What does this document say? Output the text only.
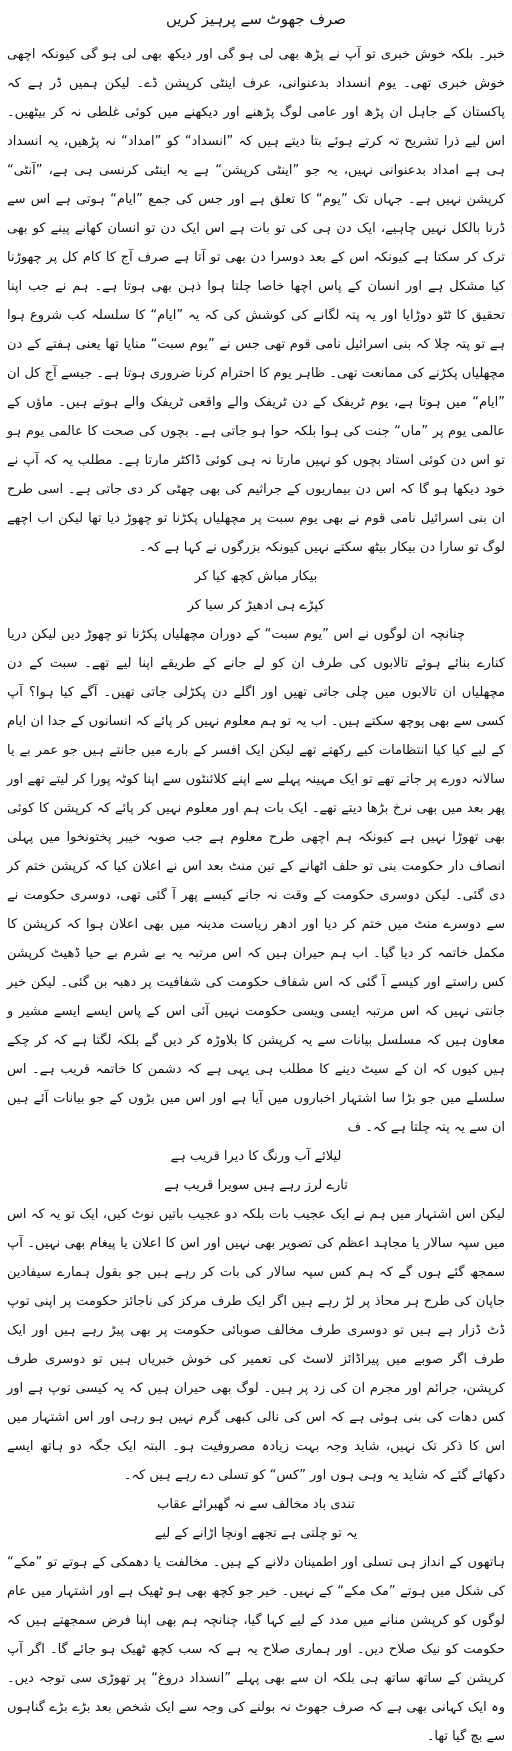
صرف جھوٹ سے پرہیز کریں

خبر۔ بلکہ خوش خبری تو آپ نے پڑھ بھی لی ہو گی اور دیکھ بھی لی ہو گی کیونکہ اچھی خوش خبری تھی۔ یوم انسداد بدعنوانی، عرف اینٹی کرپشن ڈے۔ لیکن ہمیں ڈر ہے کہ پاکستان کے جاہل ان پڑھ اور عامی لوگ پڑھنے اور دیکھنے میں کوئی غلطی نہ کر بیٹھیں۔ اس لیے ذرا تشریح تہ کرتے ہوئے بتا دیتے ہیں کہ ”انسداد“ کو ”امداد“ نہ پڑھیں، یہ انسداد ہی ہے امداد بدعنوانی نہیں، یہ جو ”اینٹی کرپشن“ ہے یہ اینٹی کرنسی ہی ہے، ”آنٹی“ کرپشن نہیں ہے۔ جہاں تک ”یوم“ کا تعلق ہے اور جس کی جمع ”ایام“ ہوتی ہے اس سے ڈرنا بالکل نہیں چاہیے، ایک دن ہی کی تو بات ہے اس ایک دن تو انسان کھانے پینے کو بھی ترک کر سکتا ہے کیونکہ اس کے بعد دوسرا دن بھی تو آتا ہے صرف آج کا کام کل پر چھوڑنا کیا مشکل ہے اور انسان کے پاس اچھا خاصا چلتا ہوا ذہن بھی ہوتا ہے۔ ہم نے جب اپنا تحقیق کا ٹٹو دوڑایا اور یہ پتہ لگانے کی کوشش کی کہ یہ ”ایام“ کا سلسلہ کب شروع ہوا ہے تو پتہ چلا کہ بنی اسرائیل نامی قوم تھی جس نے ”یوم سبت“ منایا تھا یعنی ہفتے کے دن مچھلیاں پکڑنے کی ممانعت تھی۔ ظاہر یوم کا احترام کرنا ضروری ہوتا ہے۔ جیسے آج کل ان ”ایام“ میں ہوتا ہے، یوم ٹریفک کے دن ٹریفک والے واقعی ٹریفک والے ہوتے ہیں۔ ماؤں کے عالمی یوم پر ”ماں“ جنت کی ہوا بلکہ حوا ہو جاتی ہے۔ بچوں کی صحت کا عالمی یوم ہو تو اس دن کوئی استاد بچوں کو نہیں مارتا نہ ہی کوئی ڈاکٹر مارتا ہے۔ مطلب یہ کہ آپ نے خود دیکھا ہو گا کہ اس دن بیماریوں کے جراثیم کی بھی چھٹی کر دی جاتی ہے۔ اسی طرح ان بنی اسرائیل نامی قوم نے بھی یوم سبت پر مچھلیاں پکڑنا تو چھوڑ دیا تھا لیکن اب اچھے لوگ تو سارا دن بیکار بیٹھ سکتے نہیں کیونکہ بزرگوں نے کہا ہے کہ۔

بیکار مباش کچھ کیا کر

کپڑے ہی ادھیڑ کر سیا کر

چنانچہ ان لوگوں نے اس ”یوم سبت“ کے دوران مچھلیاں پکڑنا تو چھوڑ دیں لیکن دریا کنارے بنائے ہوئے تالابوں کی طرف ان کو لے جانے کے طریقے اپنا لیے تھے۔ سبت کے دن مچھلیاں ان تالابوں میں چلی جاتی تھیں اور اگلے دن پکڑلی جاتی تھیں۔ آگے کیا ہوا؟ آپ کسی سے بھی پوچھ سکتے ہیں۔ اب یہ تو ہم معلوم نہیں کر پائے کہ انسانوں کے جدا ان ایام کے لیے کیا کیا انتظامات کیے رکھتے تھے لیکن ایک افسر کے بارے میں جانتے ہیں جو عمر بے یا سالانہ دورے پر جاتے تھے تو ایک مہینہ پہلے سے اپنے کلائنٹوں سے اپنا کوٹہ پورا کر لیتے تھے اور پھر بعد میں بھی نرخ بڑھا دیتے تھے۔ ایک بات ہم اور معلوم نہیں کر پائے کہ کرپشن کا کوئی بھی تھوڑا نہیں ہے کیونکہ ہم اچھی طرح معلوم ہے جب صوبہ خیبر پختونخوا میں پہلی انصاف دار حکومت بنی تو حلف اٹھانے کے تین منٹ بعد اس نے اعلان کیا کہ کرپشن ختم کر دی گئی۔ لیکن دوسری حکومت کے وقت نہ جانے کیسے پھر آ گئی تھی، دوسری حکومت نے سے دوسرے منٹ میں ختم کر دیا اور ادھر ریاست مدینہ میں بھی اعلان ہوا کہ کرپشن کا مکمل خاتمہ کر دیا گیا۔ اب ہم حیران ہیں کہ اس مرتبہ یہ بے شرم بے حیا ڈھیٹ کرپشن کس راستے اور کیسے آ گئی کہ اس شفاف حکومت کی شفافیت پر دھبہ بن گئی۔ لیکن خیر جانتی نہیں کہ اس مرتبہ ایسی ویسی حکومت نہیں آئی اس کے پاس ایسے ایسے مشیر و معاون ہیں کہ مسلسل بیانات سے یہ کرپشن کا بلاوڑہ کر دیں گے بلکہ لگتا ہے کہ کر چکے ہیں کیوں کہ ان کے سیٹ دینے کا مطلب ہی یہی ہے کہ دشمن کا خاتمہ قریب ہے۔ اس سلسلے میں جو بڑا سا اشتہار اخباروں میں آیا ہے اور اس میں بڑوں کے جو بیانات آئے ہیں ان سے یہ پتہ چلتا ہے کہ۔ ف

لیلائے آب ورنگ کا دیرا قریب ہے

تارے لرز رہے ہیں سویرا قریب ہے

لیکن اس اشتہار میں ہم نے ایک عجیب بات بلکہ دو عجیب باتیں نوٹ کیں، ایک تو یہ کہ اس میں سپہ سالار یا مجاہد اعظم کی تصویر بھی نہیں اور اس کا اعلان یا پیغام بھی نہیں۔ آپ سمجھ گئے ہوں گے کہ ہم کس سپہ سالار کی بات کر رہے ہیں جو بقول ہمارے سیفادین جاپان کی طرح ہر محاذ پر لڑ رہے ہیں اگر ایک طرف مرکز کی ناجائز حکومت پر اپنی توپ ڈٹ ڈزار ہے ہیں تو دوسری طرف مخالف صوبائی حکومت پر بھی پیڑ رہے ہیں اور ایک طرف اگر صوبے میں پیراڈائز لاسٹ کی تعمیر کی خوش خبریاں ہیں تو دوسری طرف کرپشن، جرائم اور مجرم ان کی زد پر ہیں۔ لوگ بھی حیران ہیں کہ یہ کیسی توپ ہے اور کس دھات کی بنی ہوئی ہے کہ اس کی نالی کبھی گرم نہیں ہو رہی اور اس اشتہار میں اس کا ذکر تک نہیں، شاید وجہ بہت زیادہ مصروفیت ہو۔ البتہ ایک جگہ دو ہاتھ ایسے دکھائے گئے کہ شاید یہ وہی ہوں اور ”کس“ کو تسلی دے رہے ہیں کہ۔

تندی باد مخالف سے نہ گھبرائے عقاب

یہ تو چلتی ہے تجھے اونچا اڑانے کے لیے

ہاتھوں کے انداز ہی تسلی اور اطمینان دلانے کے ہیں۔ مخالفت یا دھمکی کے ہوتے تو ”مکے“ کی شکل میں ہوتے ”مک مکے“ کے نہیں۔ خیر جو کچھ بھی ہو ٹھیک ہے اور اشتہار میں عام لوگوں کو کرپشن منانے میں مدد کے لیے کہا گیا، چنانچہ ہم بھی اپنا فرض سمجھتے ہیں کہ حکومت کو نیک صلاح دیں۔ اور ہماری صلاح یہ ہے کہ سب کچھ ٹھیک ہو جائے گا۔ اگر آپ کرپشن کے ساتھ ساتھ ہی بلکہ ان سے بھی پہلے ”انسداد دروغ“ پر تھوڑی سی توجہ دیں۔ وہ ایک کہانی بھی ہے کہ صرف جھوٹ نہ بولنے کی وجہ سے ایک شخص بعد بڑے بڑے گناہوں سے بچ گیا تھا۔
